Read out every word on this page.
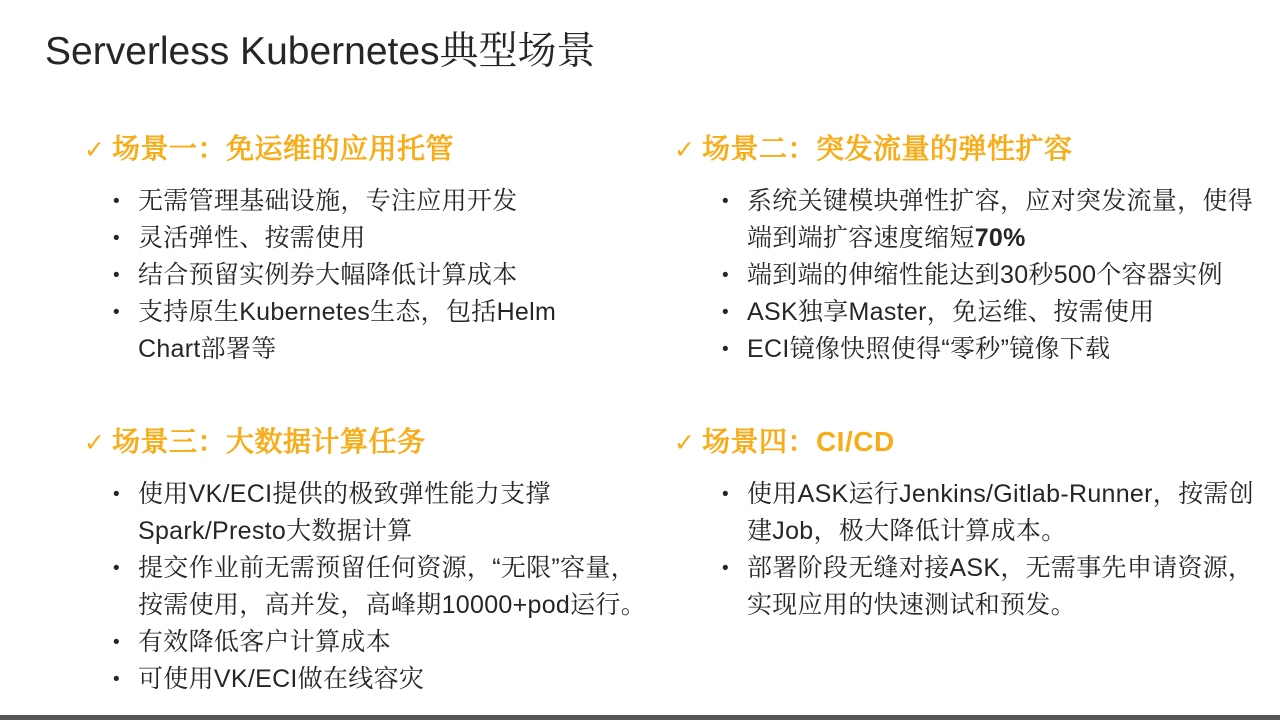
Serverless Kubernetes典型场景
✓ 场景一：免运维的应用托管
• 无需管理基础设施，专注应用开发
• 灵活弹性、按需使用
• 结合预留实例券大幅降低计算成本
• 支持原生Kubernetes生态，包括Helm
Chart部署等
✓ 场景二：突发流量的弹性扩容
• 系统关键模块弹性扩容，应对突发流量，使得
端到端扩容速度缩短70%
• 端到端的伸缩性能达到30秒500个容器实例
• ASK独享Master，免运维、按需使用
• ECI镜像快照使得“零秒”镜像下载
✓ 场景三：大数据计算任务
• 使用VK/ECI提供的极致弹性能力支撑
Spark/Presto大数据计算
• 提交作业前无需预留任何资源，“无限”容量，
按需使用，高并发，高峰期10000+pod运行。
• 有效降低客户计算成本
• 可使用VK/ECI做在线容灾
✓ 场景四：CI/CD
• 使用ASK运行Jenkins/Gitlab-Runner，按需创
建Job，极大降低计算成本。
• 部署阶段无缝对接ASK，无需事先申请资源，
实现应用的快速测试和预发。
